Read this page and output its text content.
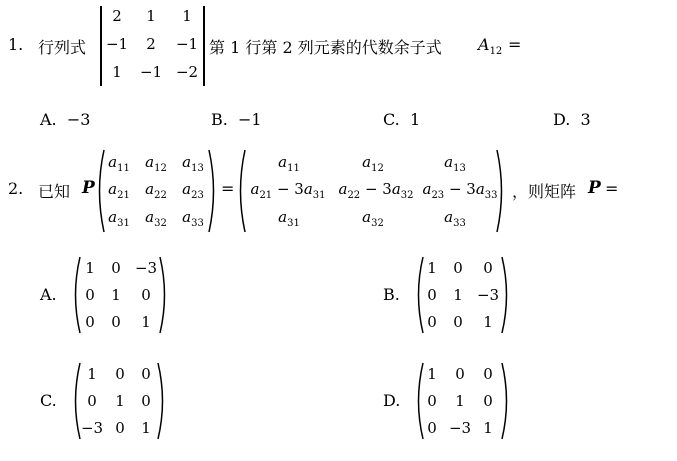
1. 行列式
2	1	1
−1	2	−1
1	−1 −2
第 1 行第 2 列元素的代数余子式 $A_{12}$ =
A. −3	B. −1	C. 1	D. 3
2. 已知 P
$a_{11}$ $a_{12}$ $a_{13}$
$a_{21}$ $a_{22}$ $a_{23}$
$a_{31}$ $a_{32}$ $a_{33}$
=
$a_{11}$	$a_{12}$	$a_{13}$
$a_{21} - 3a_{31}$ $a_{22} - 3a_{32}$ $a_{23} - 3a_{33}$
$a_{31}$	$a_{32}$	$a_{33}$
，则矩阵 P =
A.
1	0 −3
0	1	0
0	0	1
B.
1	0	0
0	1 −3
0	0	1
C.
1	0	0
0	1	0
−3 0	1
D.
1	0	0
0	1	0
0 −3 1
